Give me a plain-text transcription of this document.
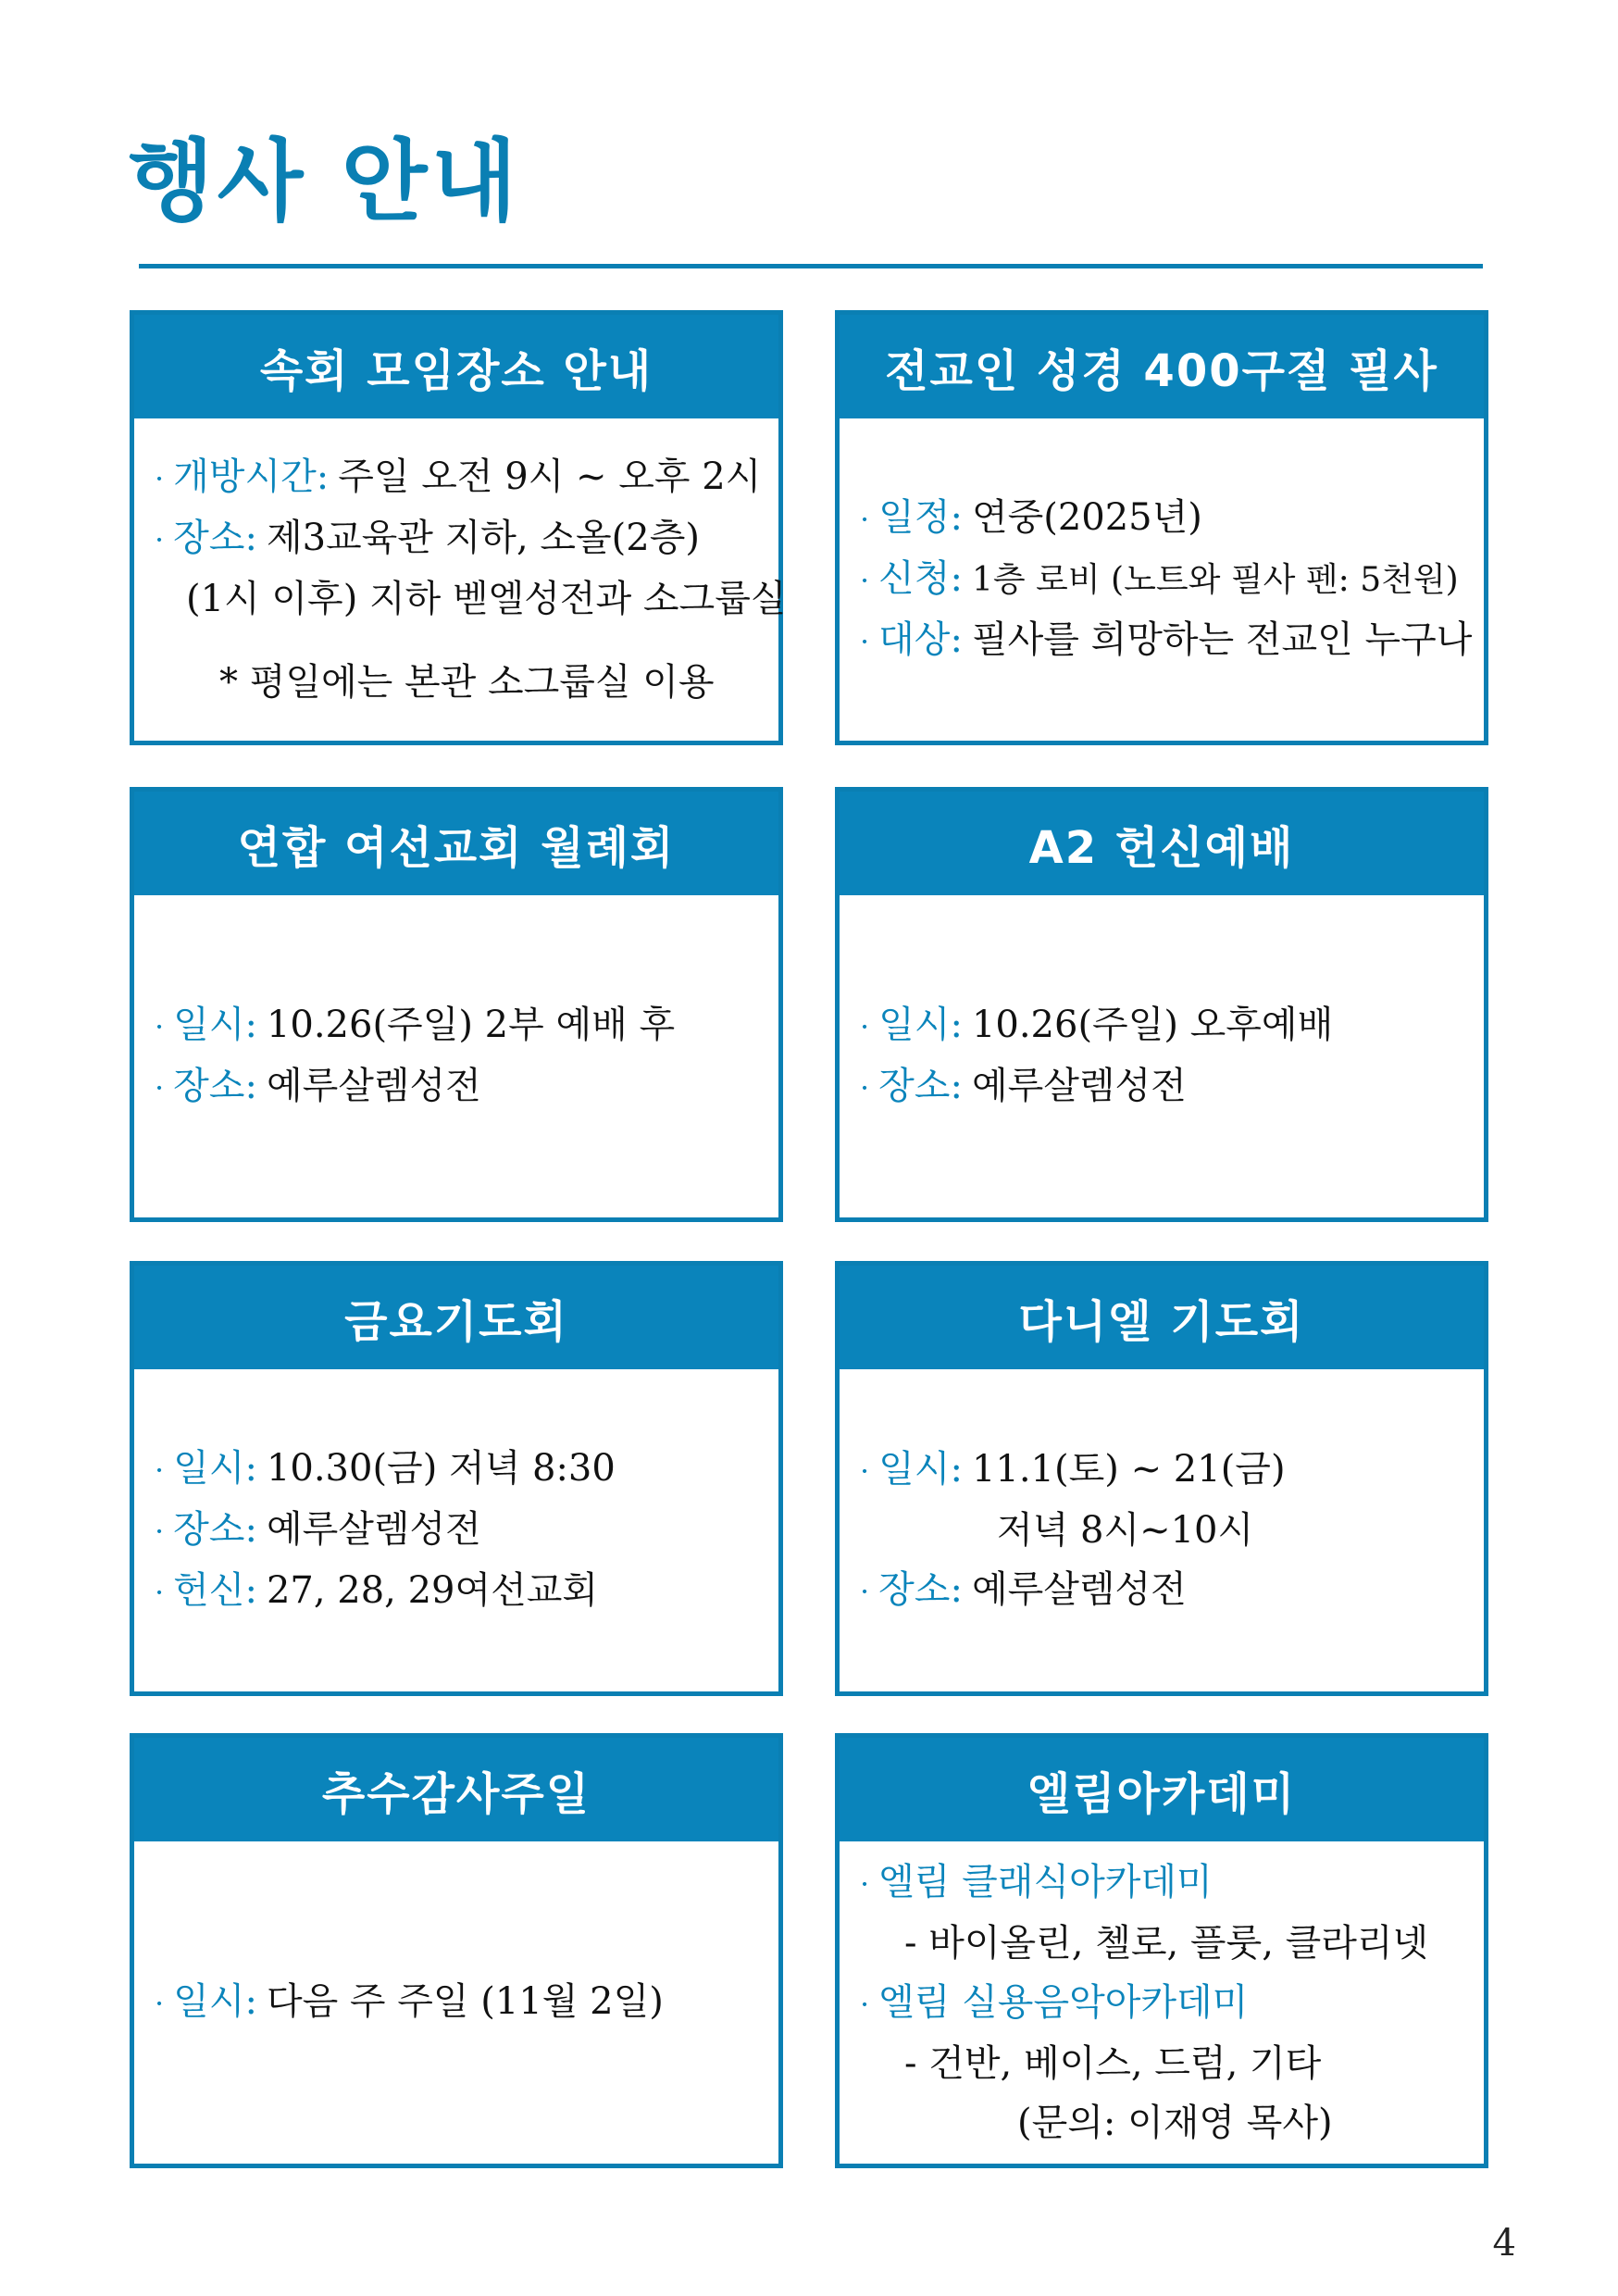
행사 안내
속회 모임장소 안내
· 개방시간: 주일 오전 9시 ~ 오후 2시
· 장소: 제3교육관 지하, 소올(2층)
(1시 이후) 지하 벧엘성전과 소그룹실
* 평일에는 본관 소그룹실 이용
전교인 성경 400구절 필사
· 일정: 연중(2025년)
· 신청: 1층 로비 (노트와 필사 펜: 5천원)
· 대상: 필사를 희망하는 전교인 누구나
연합 여선교회 월례회
· 일시: 10.26(주일) 2부 예배 후
· 장소: 예루살렘성전
A2 헌신예배
· 일시: 10.26(주일) 오후예배
· 장소: 예루살렘성전
금요기도회
· 일시: 10.30(금) 저녁 8:30
· 장소: 예루살렘성전
· 헌신: 27, 28, 29여선교회
다니엘 기도회
· 일시: 11.1(토) ~ 21(금)
저녁 8시~10시
· 장소: 예루살렘성전
추수감사주일
· 일시: 다음 주 주일 (11월 2일)
엘림아카데미
· 엘림 클래식아카데미
- 바이올린, 첼로, 플룻, 클라리넷
· 엘림 실용음악아카데미
- 건반, 베이스, 드럼, 기타
(문의: 이재영 목사)
4
